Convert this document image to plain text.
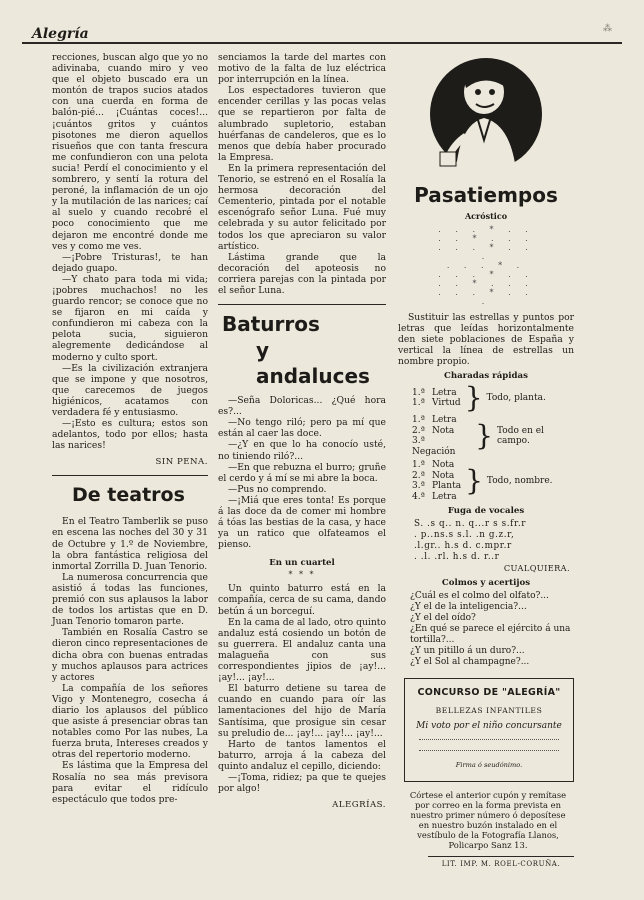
Alegría	⁂

recciones, buscan algo que yo no adivinaba, cuando miro y veo que el objeto buscado era un montón de trapos sucios atados con una cuerda en forma de balón-pié... ¡Cuántas coces!... ¡cuántos gritos y cuántos pisotones me dieron aquellos risueños que con tanta frescura me confundieron con una pelota sucia! Perdí el conocimiento y el sombrero, y sentí la rotura del peroné, la inflamación de un ojo y la mutilación de las narices; caí al suelo y cuando recobré el poco conocimiento que me dejaron me encontré donde me ves y como me ves.

—¡Pobre Tristuras!, te han dejado guapo.

—Y chato para toda mi vida; ¡pobres muchachos! no les guardo rencor; se conoce que no se fijaron en mi caída y confundieron mi cabeza con la pelota sucia, siguieron alegremente dedicándose al moderno y culto sport.

—Es la civilización extranjera que se impone y que nosotros, que carecemos de juegos higiénicos, acatamos con verdadera fé y entusiasmo.

—¡Esto es cultura; estos son adelantos, todo por ellos; hasta las narices!

SIN PENA.

De teatros

En el Teatro Tamberlik se puso en escena las noches del 30 y 31 de Octubre y 1.º de Noviembre, la obra fantástica religiosa del inmortal Zorrilla D. Juan Tenorio.

La numerosa concurrencia que asistió á todas las funciones, premió con sus aplausos la labor de todos los artistas que en D. Juan Tenorio tomaron parte.

También en Rosalía Castro se dieron cinco representaciones de dicha obra con buenas entradas y muchos aplausos para actrices y actores

La compañía de los señores Vigo y Montenegro, cosecha á diario los aplausos del público que asiste á presenciar obras tan notables como Por las nubes, La fuerza bruta, Intereses creados y otras del repertorio moderno.

Es lástima que la Empresa del Rosalía no sea más previsora para evitar el ridículo espectáculo que todos pre-

senciamos la tarde del martes con motivo de la falta de luz eléctrica por interrupción en la línea.

Los espectadores tuvieron que encender cerillas y las pocas velas que se repartieron por falta de alumbrado supletorio, estaban huérfanas de candeleros, que es lo menos que debía haber procurado la Empresa.

En la primera representación del Tenorio, se estrenó en el Rosalía la hermosa decoración del Cementerio, pintada por el notable escenógrafo señor Luna. Fué muy celebrada y su autor felicitado por todos los que apreciaron su valor artístico.

Lástima grande que la decoración del apoteosis no corriera parejas con la pintada por el señor Luna.

Baturros
y andaluces

—Seña Doloricas... ¿Qué hora es?...

—No tengo riló; pero pa mí que están al caer las doce.

—¿Y en que lo ha conocío usté, no tiniendo riló?...

—En que rebuzna el burro; gruñe el cerdo y á mí se mi abre la boca.

—Pus no comprendo.

—¡Miá que eres tonta! Es porque á las doce da de comer mi hombre á tóas las bestias de la casa, y hace ya un ratico que olfateamos el pienso.

En un cuartel
* * *

Un quinto baturro está en la compañía, cerca de su cama, dando betún á un borceguí.

En la cama de al lado, otro quinto andaluz está cosiendo un botón de su guerrera. El andaluz canta una malagueña con sus correspondientes jipios de ¡ay!... ¡ay!... ¡ay!...

El baturro detiene su tarea de cuando en cuando para oír las lamentaciones del hijo de María Santísima, que prosigue sin cesar su preludio de... ¡ay!... ¡ay!... ¡ay!...

Harto de tantos lamentos el baturro, arroja á la cabeza del quinto andaluz el cepillo, diciendo:

—¡Toma, ridiez; pa que te quejes por algo!

ALEGRÍAS.

Pasatiempos
Acróstico
. . . * . .
. . * . . .
. . . * . . .
. . . * .
. . . * . .
. . * . . .
. . . * . . .

Sustituir las estrellas y puntos por letras que leídas horizontalmente den siete poblaciones de España y vertical la línea de estrellas un nombre propio.

Charadas rápidas
1.ª Letra
1.ª Virtud } Todo, planta.
1.ª Letra
2.ª Nota
3.ªNegación } Todo en el campo.
1.ª Nota
2.ª Nota
3.ª Planta
4.ª Letra } Todo, nombre.
Fuga de vocales
S. .s q.. n. q...r s s.fr.r
. p..ns.s s.l. .n g.z.r,
.l.gr.. h.s d. c.mpr.r
. .l. .rl. h.s d. r..r
CUALQUIERA.
Colmos y acertijos

¿Cuál es el colmo del olfato?...

¿Y el de la inteligencia?...

¿Y el del oído?

¿En qué se parece el ejército á una tortilla?...

¿Y un pitillo á un duro?...

¿Y el Sol al champagne?...

CONCURSO DE "ALEGRÍA"
BELLEZAS INFANTILES
Mi voto por el niño concursante
Firma ó seudónimo.

Córtese el anterior cupón y remítase por correo en la forma prevista en nuestro primer número ó deposítese en nuestro buzón instalado en el vestíbulo de la Fotografía Llanos, Policarpo Sanz 13.

LIT. IMP. M. ROEL-CORUÑA.
